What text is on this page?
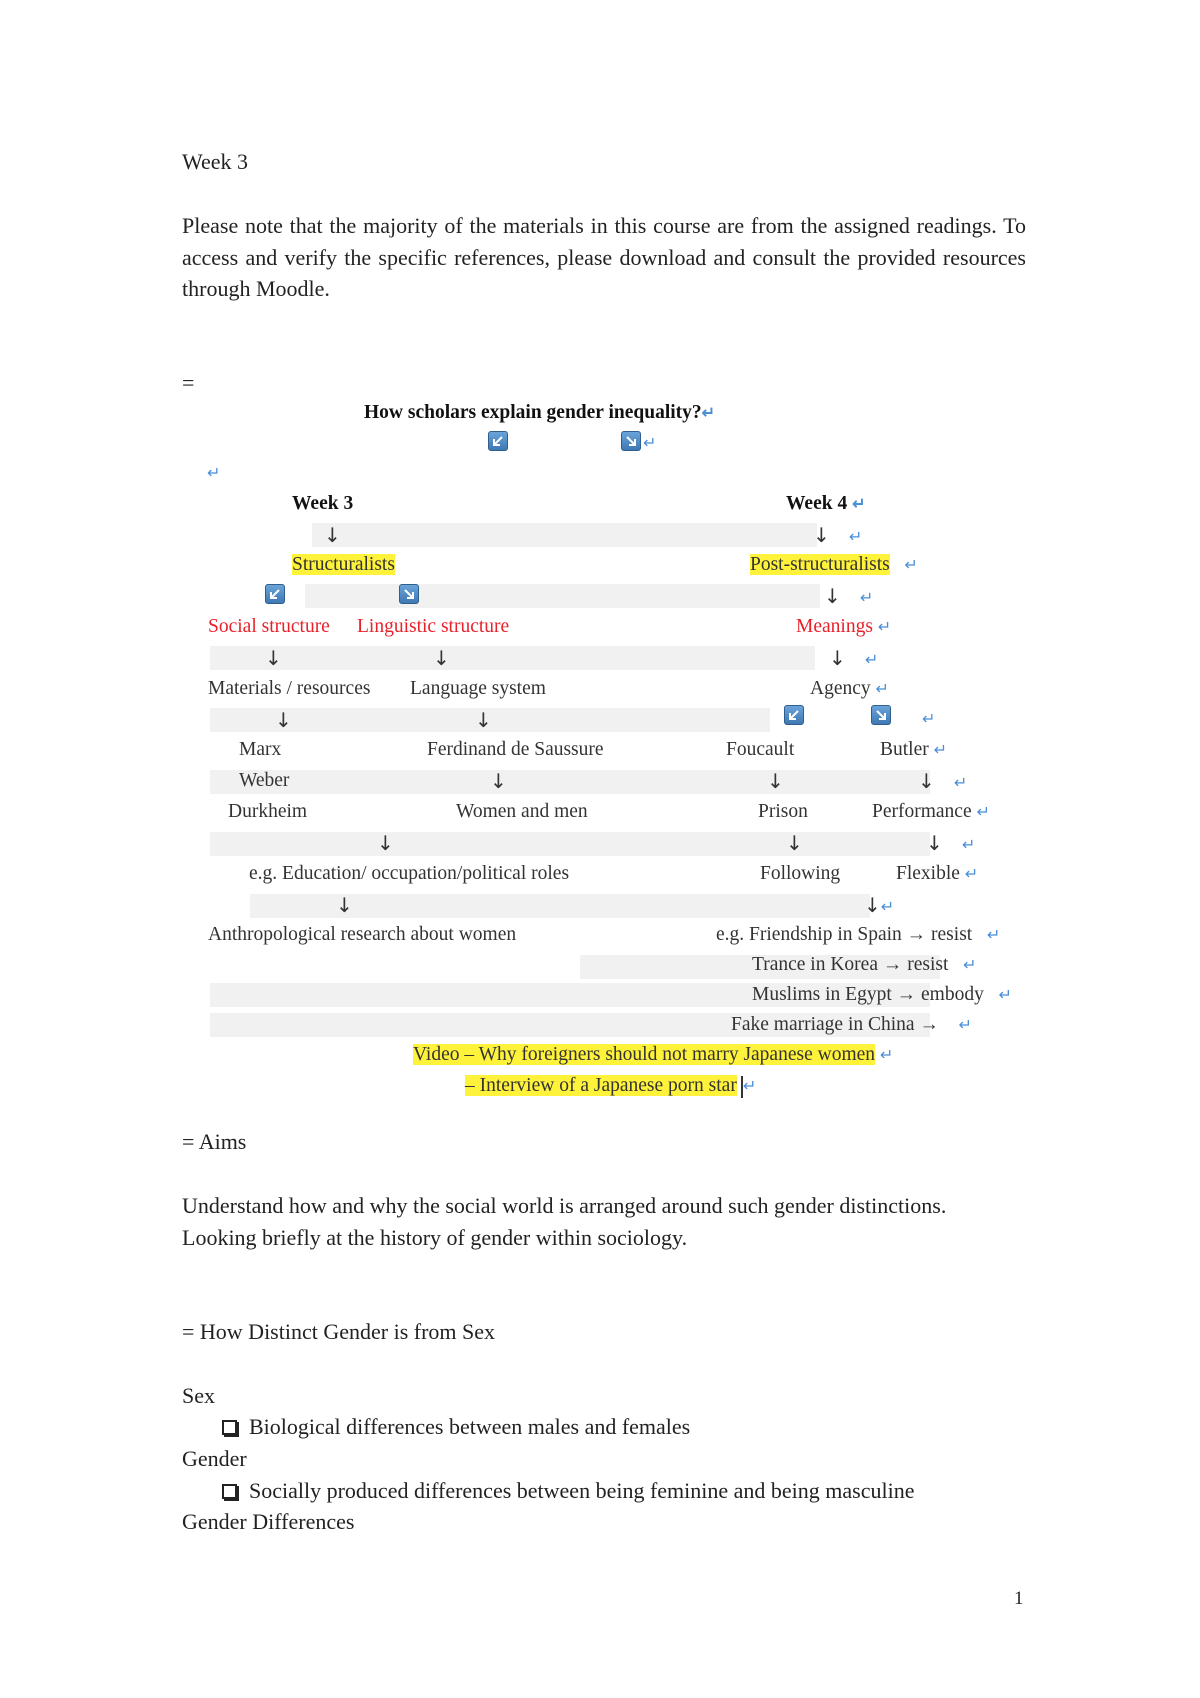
Week 3
Please note that the majority of the materials in this course are from the assigned readings. To access and verify the specific references, please download and consult the provided resources through Moodle.
=
How scholars explain gender inequality?↵
↵
↵
Week 3	Week 4 ↵
↓	↓ ↵
Structuralists	Post-structuralists ↵
↓ ↵
Social structure Linguistic structure	Meanings ↵
↓	↓	↓ ↵
Materials / resources Language system	Agency ↵
↓	↓	↵
Marx	Ferdinand de Saussure	Foucault	Butler ↵
Weber	↓	↓	↓ ↵
Durkheim	Women and men	Prison	Performance ↵
↓	↓	↓ ↵
e.g. Education/ occupation/political roles	Following	Flexible ↵
↓	↓↵
Anthropological research about women	e.g. Friendship in Spain → resist ↵
Trance in Korea → resist ↵
Muslims in Egypt → embody ↵
Fake marriage in China → ↵
Video – Why foreigners should not marry Japanese women ↵
– Interview of a Japanese porn star ↵
= Aims
Understand how and why the social world is arranged around such gender distinctions. Looking briefly at the history of gender within sociology.
= How Distinct Gender is from Sex
Sex
Biological differences between males and females
Gender
Socially produced differences between being feminine and being masculine
Gender Differences
1
